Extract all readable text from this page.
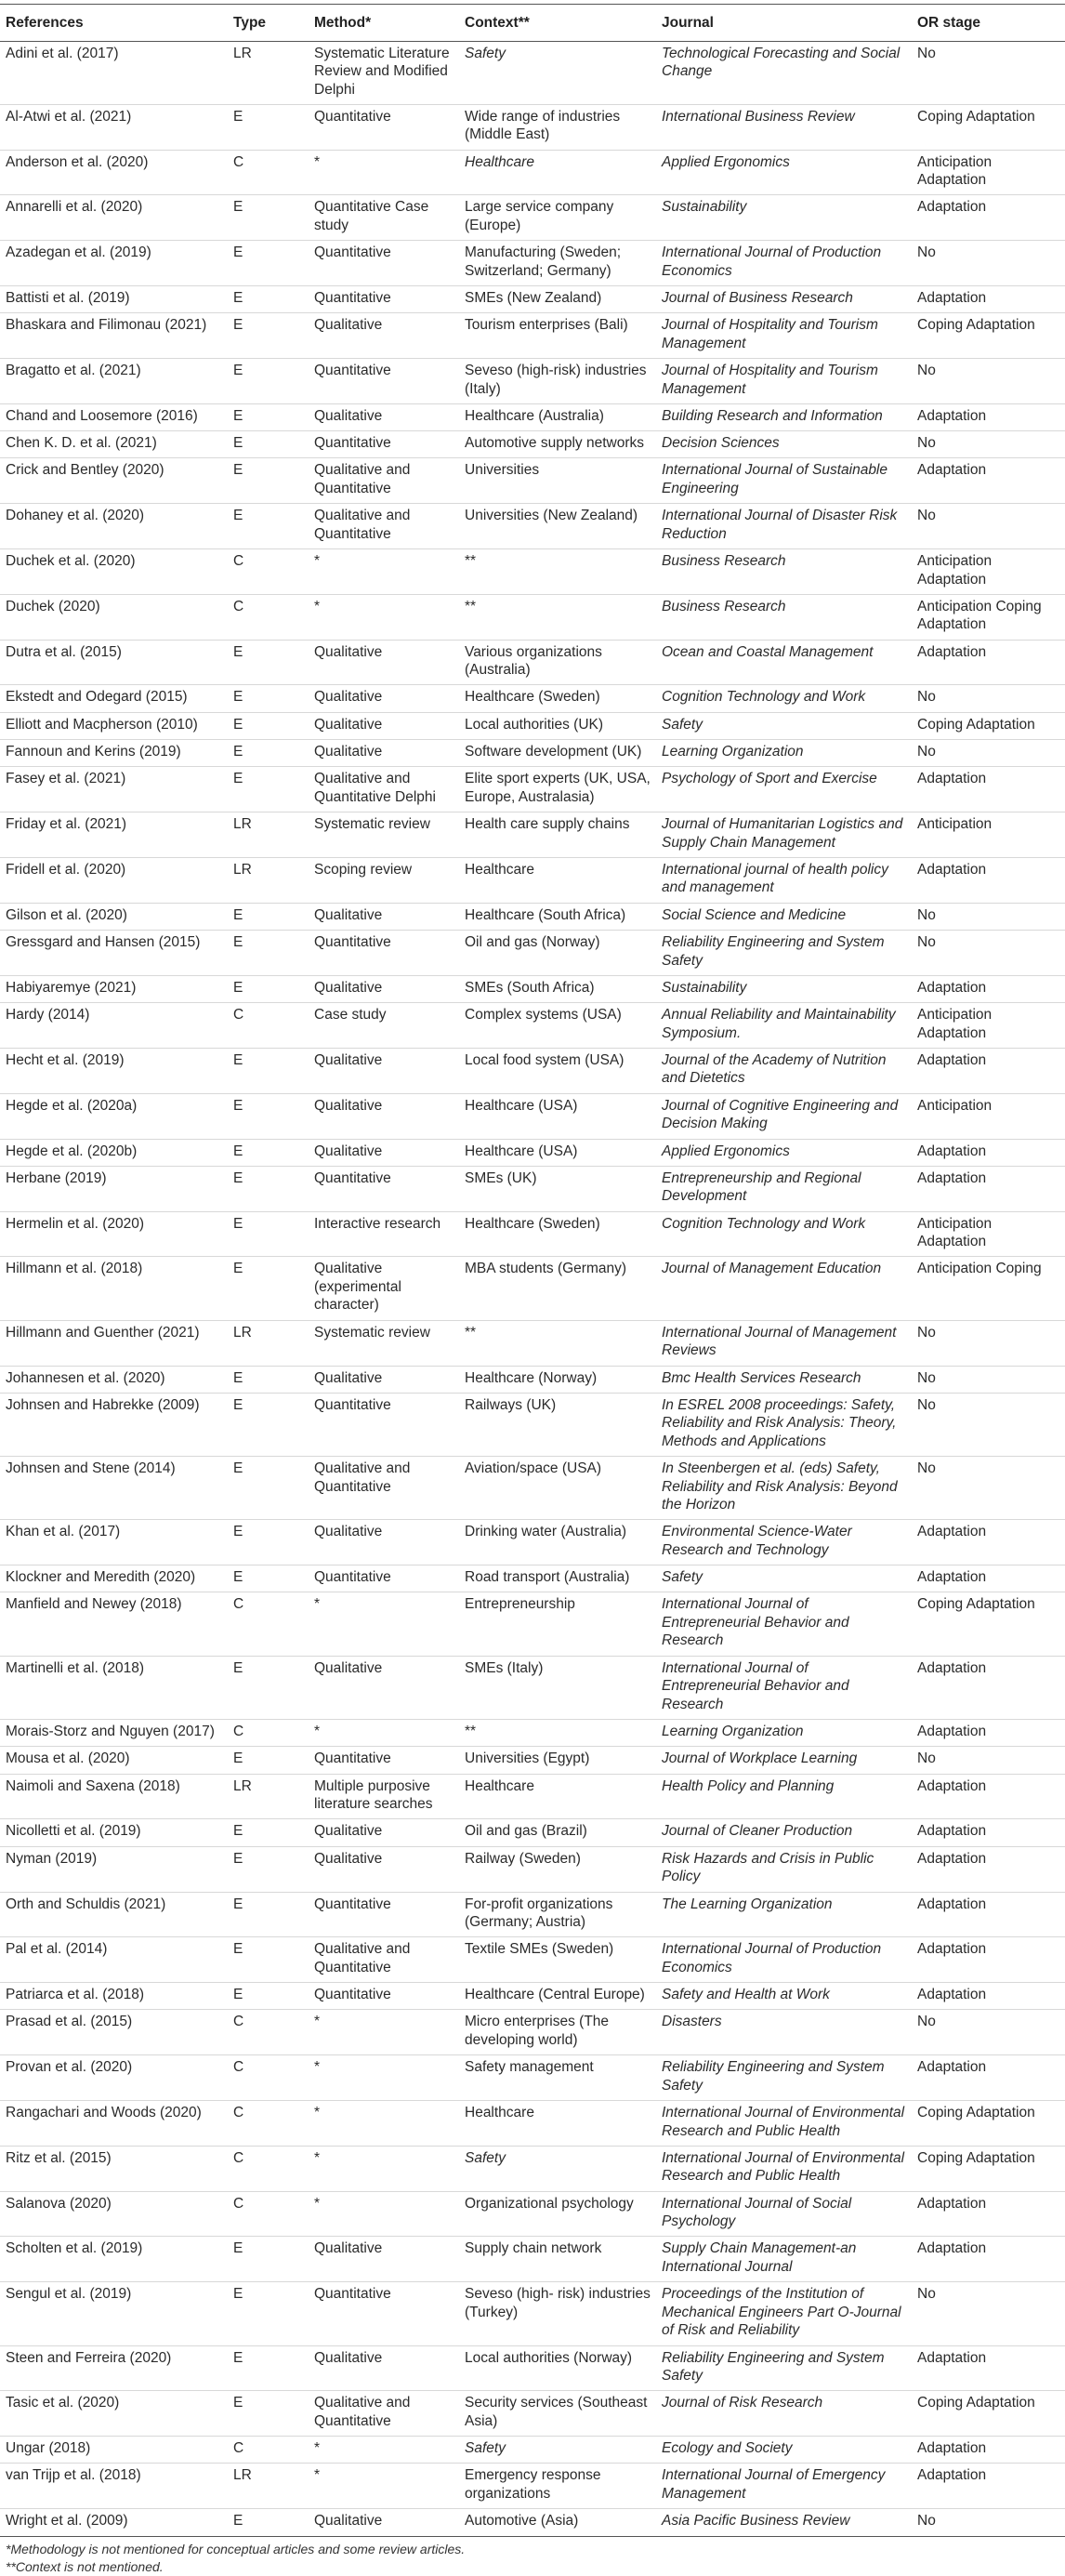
References	Type	Method*	Context**	Journal	OR stage
Adini et al. (2017)	LR	Systematic Literature Review and Modified Delphi	Safety	Technological Forecasting and Social Change	No
Al-Atwi et al. (2021)	E	Quantitative	Wide range of industries (Middle East)	International Business Review	Coping Adaptation
Anderson et al. (2020)	C	*	Healthcare	Applied Ergonomics	Anticipation Adaptation
Annarelli et al. (2020)	E	Quantitative Case study	Large service company (Europe)	Sustainability	Adaptation
Azadegan et al. (2019)	E	Quantitative	Manufacturing (Sweden; Switzerland; Germany)	International Journal of Production Economics	No
Battisti et al. (2019)	E	Quantitative	SMEs (New Zealand)	Journal of Business Research	Adaptation
Bhaskara and Filimonau (2021)	E	Qualitative	Tourism enterprises (Bali)	Journal of Hospitality and Tourism Management	Coping Adaptation
Bragatto et al. (2021)	E	Quantitative	Seveso (high-risk) industries (Italy)	Journal of Hospitality and Tourism Management	No
Chand and Loosemore (2016)	E	Qualitative	Healthcare (Australia)	Building Research and Information	Adaptation
Chen K. D. et al. (2021)	E	Quantitative	Automotive supply networks	Decision Sciences	No
Crick and Bentley (2020)	E	Qualitative and Quantitative	Universities	International Journal of Sustainable Engineering	Adaptation
Dohaney et al. (2020)	E	Qualitative and Quantitative	Universities (New Zealand)	International Journal of Disaster Risk Reduction	No
Duchek et al. (2020)	C	*	**	Business Research	Anticipation Adaptation
Duchek (2020)	C	*	**	Business Research	Anticipation Coping Adaptation
Dutra et al. (2015)	E	Qualitative	Various organizations (Australia)	Ocean and Coastal Management	Adaptation
Ekstedt and Odegard (2015)	E	Qualitative	Healthcare (Sweden)	Cognition Technology and Work	No
Elliott and Macpherson (2010)	E	Qualitative	Local authorities (UK)	Safety	Coping Adaptation
Fannoun and Kerins (2019)	E	Qualitative	Software development (UK)	Learning Organization	No
Fasey et al. (2021)	E	Qualitative and Quantitative Delphi	Elite sport experts (UK, USA, Europe, Australasia)	Psychology of Sport and Exercise	Adaptation
Friday et al. (2021)	LR	Systematic review	Health care supply chains	Journal of Humanitarian Logistics and Supply Chain Management	Anticipation
Fridell et al. (2020)	LR	Scoping review	Healthcare	International journal of health policy and management	Adaptation
Gilson et al. (2020)	E	Qualitative	Healthcare (South Africa)	Social Science and Medicine	No
Gressgard and Hansen (2015)	E	Quantitative	Oil and gas (Norway)	Reliability Engineering and System Safety	No
Habiyaremye (2021)	E	Qualitative	SMEs (South Africa)	Sustainability	Adaptation
Hardy (2014)	C	Case study	Complex systems (USA)	Annual Reliability and Maintainability Symposium.	Anticipation Adaptation
Hecht et al. (2019)	E	Qualitative	Local food system (USA)	Journal of the Academy of Nutrition and Dietetics	Adaptation
Hegde et al. (2020a)	E	Qualitative	Healthcare (USA)	Journal of Cognitive Engineering and Decision Making	Anticipation
Hegde et al. (2020b)	E	Qualitative	Healthcare (USA)	Applied Ergonomics	Adaptation
Herbane (2019)	E	Quantitative	SMEs (UK)	Entrepreneurship and Regional Development	Adaptation
Hermelin et al. (2020)	E	Interactive research	Healthcare (Sweden)	Cognition Technology and Work	Anticipation Adaptation
Hillmann et al. (2018)	E	Qualitative (experimental character)	MBA students (Germany)	Journal of Management Education	Anticipation Coping
Hillmann and Guenther (2021)	LR	Systematic review	**	International Journal of Management Reviews	No
Johannesen et al. (2020)	E	Qualitative	Healthcare (Norway)	Bmc Health Services Research	No
Johnsen and Habrekke (2009)	E	Quantitative	Railways (UK)	In ESREL 2008 proceedings: Safety, Reliability and Risk Analysis: Theory, Methods and Applications	No
Johnsen and Stene (2014)	E	Qualitative and Quantitative	Aviation/space (USA)	In Steenbergen et al. (eds) Safety, Reliability and Risk Analysis: Beyond the Horizon	No
Khan et al. (2017)	E	Qualitative	Drinking water (Australia)	Environmental Science-Water Research and Technology	Adaptation
Klockner and Meredith (2020)	E	Quantitative	Road transport (Australia)	Safety	Adaptation
Manfield and Newey (2018)	C	*	Entrepreneurship	International Journal of Entrepreneurial Behavior and Research	Coping Adaptation
Martinelli et al. (2018)	E	Qualitative	SMEs (Italy)	International Journal of Entrepreneurial Behavior and Research	Adaptation
Morais-Storz and Nguyen (2017)	C	*	**	Learning Organization	Adaptation
Mousa et al. (2020)	E	Quantitative	Universities (Egypt)	Journal of Workplace Learning	No
Naimoli and Saxena (2018)	LR	Multiple purposive literature searches	Healthcare	Health Policy and Planning	Adaptation
Nicolletti et al. (2019)	E	Qualitative	Oil and gas (Brazil)	Journal of Cleaner Production	Adaptation
Nyman (2019)	E	Qualitative	Railway (Sweden)	Risk Hazards and Crisis in Public Policy	Adaptation
Orth and Schuldis (2021)	E	Quantitative	For-profit organizations (Germany; Austria)	The Learning Organization	Adaptation
Pal et al. (2014)	E	Qualitative and Quantitative	Textile SMEs (Sweden)	International Journal of Production Economics	Adaptation
Patriarca et al. (2018)	E	Quantitative	Healthcare (Central Europe)	Safety and Health at Work	Adaptation
Prasad et al. (2015)	C	*	Micro enterprises (The developing world)	Disasters	No
Provan et al. (2020)	C	*	Safety management	Reliability Engineering and System Safety	Adaptation
Rangachari and Woods (2020)	C	*	Healthcare	International Journal of Environmental Research and Public Health	Coping Adaptation
Ritz et al. (2015)	C	*	Safety	International Journal of Environmental Research and Public Health	Coping Adaptation
Salanova (2020)	C	*	Organizational psychology	International Journal of Social Psychology	Adaptation
Scholten et al. (2019)	E	Qualitative	Supply chain network	Supply Chain Management-an International Journal	Adaptation
Sengul et al. (2019)	E	Quantitative	Seveso (high- risk) industries (Turkey)	Proceedings of the Institution of Mechanical Engineers Part O-Journal of Risk and Reliability	No
Steen and Ferreira (2020)	E	Qualitative	Local authorities (Norway)	Reliability Engineering and System Safety	Adaptation
Tasic et al. (2020)	E	Qualitative and Quantitative	Security services (Southeast Asia)	Journal of Risk Research	Coping Adaptation
Ungar (2018)	C	*	Safety	Ecology and Society	Adaptation
van Trijp et al. (2018)	LR	*	Emergency response organizations	International Journal of Emergency Management	Adaptation
Wright et al. (2009)	E	Qualitative	Automotive (Asia)	Asia Pacific Business Review	No
*Methodology is not mentioned for conceptual articles and some review articles.
**Context is not mentioned.
